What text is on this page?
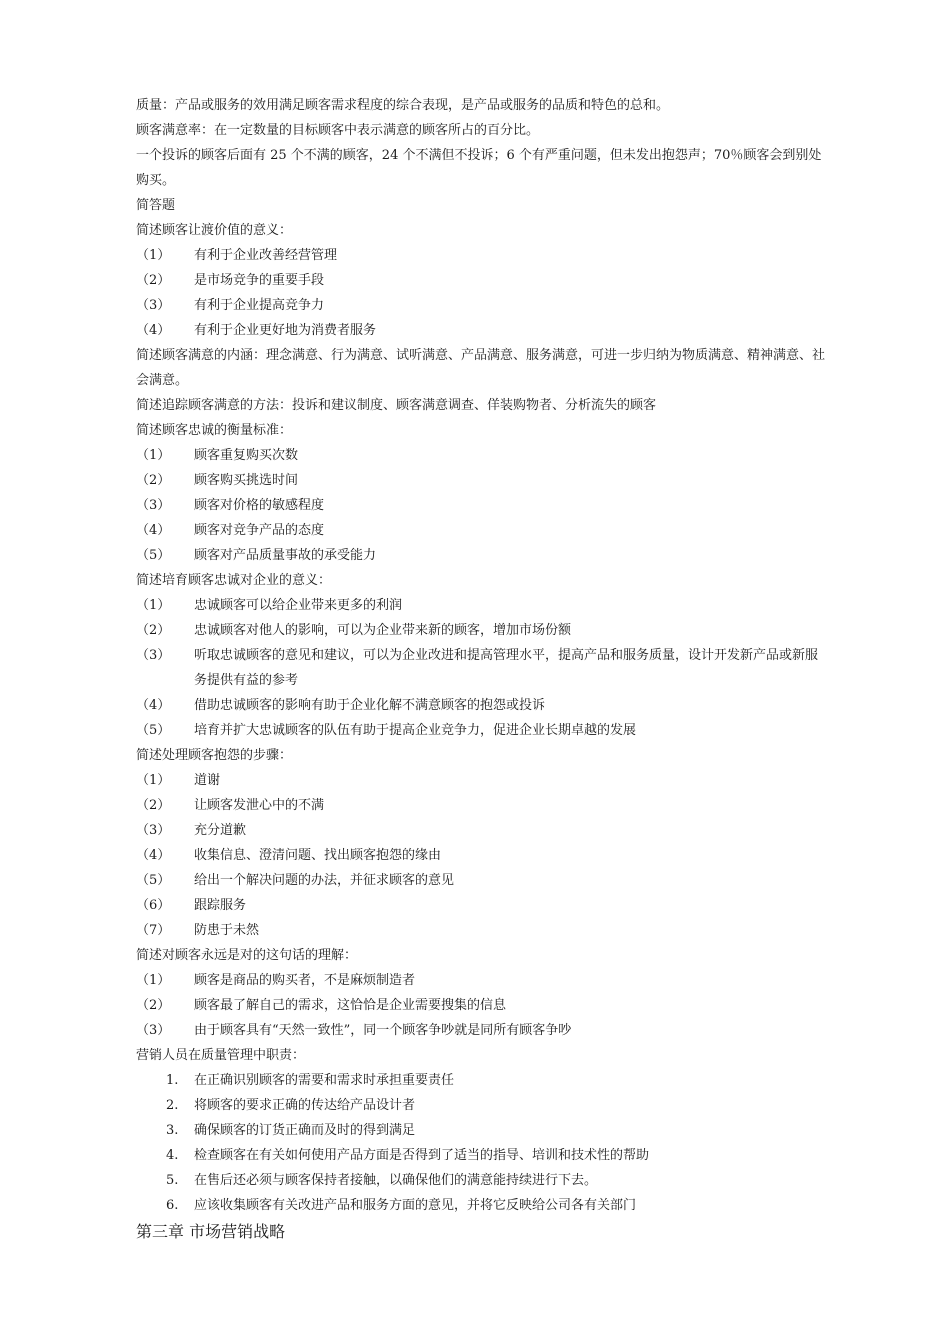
质量：产品或服务的效用满足顾客需求程度的综合表现，是产品或服务的品质和特色的总和。

顾客满意率：在一定数量的目标顾客中表示满意的顾客所占的百分比。

一个投诉的顾客后面有 25 个不满的顾客，24 个不满但不投诉；6 个有严重问题，但未发出抱怨声；70％顾客会到别处购买。

简答题

简述顾客让渡价值的意义：

（1）	有利于企业改善经营管理
（2）	是市场竞争的重要手段
（3）	有利于企业提高竞争力
（4）	有利于企业更好地为消费者服务

简述顾客满意的内涵：理念满意、行为满意、试听满意、产品满意、服务满意，可进一步归纳为物质满意、精神满意、社会满意。

简述追踪顾客满意的方法：投诉和建议制度、顾客满意调查、佯装购物者、分析流失的顾客

简述顾客忠诚的衡量标准：

（1）	顾客重复购买次数
（2）	顾客购买挑选时间
（3）	顾客对价格的敏感程度
（4）	顾客对竞争产品的态度
（5）	顾客对产品质量事故的承受能力

简述培育顾客忠诚对企业的意义：

（1）	忠诚顾客可以给企业带来更多的利润
（2）	忠诚顾客对他人的影响，可以为企业带来新的顾客，增加市场份额
（3）	听取忠诚顾客的意见和建议，可以为企业改进和提高管理水平，提高产品和服务质量，设计开发新产品或新服务提供有益的参考
（4）	借助忠诚顾客的影响有助于企业化解不满意顾客的抱怨或投诉
（5）	培育并扩大忠诚顾客的队伍有助于提高企业竞争力，促进企业长期卓越的发展

简述处理顾客抱怨的步骤：

（1）	道谢
（2）	让顾客发泄心中的不满
（3）	充分道歉
（4）	收集信息、澄清问题、找出顾客抱怨的缘由
（5）	给出一个解决问题的办法，并征求顾客的意见
（6）	跟踪服务
（7）	防患于未然

简述对顾客永远是对的这句话的理解：

（1）	顾客是商品的购买者，不是麻烦制造者
（2）	顾客最了解自己的需求，这恰恰是企业需要搜集的信息
（3）	由于顾客具有“天然一致性”，同一个顾客争吵就是同所有顾客争吵

营销人员在质量管理中职责：

1.	在正确识别顾客的需要和需求时承担重要责任
2.	将顾客的要求正确的传达给产品设计者
3.	确保顾客的订货正确而及时的得到满足
4.	检查顾客在有关如何使用产品方面是否得到了适当的指导、培训和技术性的帮助
5.	在售后还必须与顾客保持者接触，以确保他们的满意能持续进行下去。
6.	应该收集顾客有关改进产品和服务方面的意见，并将它反映给公司各有关部门

第三章 市场营销战略
